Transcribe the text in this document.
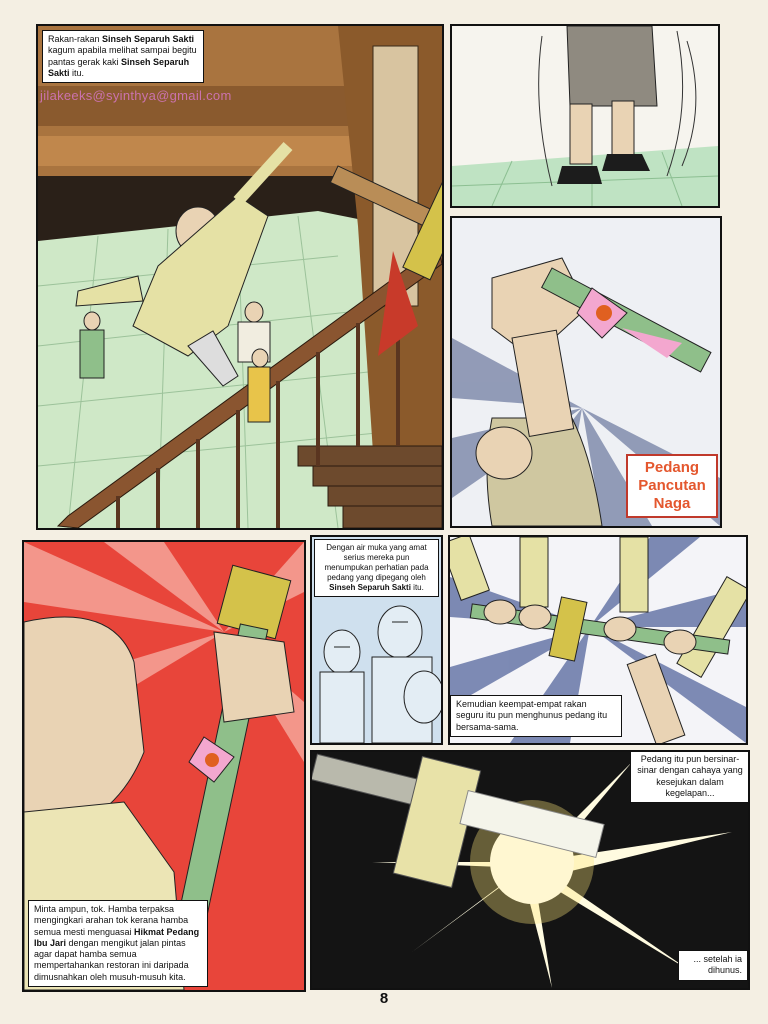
Rakan-rakan Sinseh Separuh Sakti kagum apabila melihat sampai begitu pantas gerak kaki Sinseh Separuh Sakti itu.
jilakeeks@syinthya@gmail.com
Pedang Pancutan Naga
Minta ampun, tok. Hamba terpaksa mengingkari arahan tok kerana hamba semua mesti menguasai Hikmat Pedang Ibu Jari dengan mengikut jalan pintas agar dapat hamba semua mempertahankan restoran ini daripada dimusnahkan oleh musuh-musuh kita.
Dengan air muka yang amat serius mereka pun menumpukan perhatian pada pedang yang dipegang oleh Sinseh Separuh Sakti itu.
Kemudian keempat-empat rakan seguru itu pun menghunus pedang itu bersama-sama.
Pedang itu pun bersinar-sinar dengan cahaya yang kesejukan dalam kegelapan...
... setelah ia dihunus.
8
